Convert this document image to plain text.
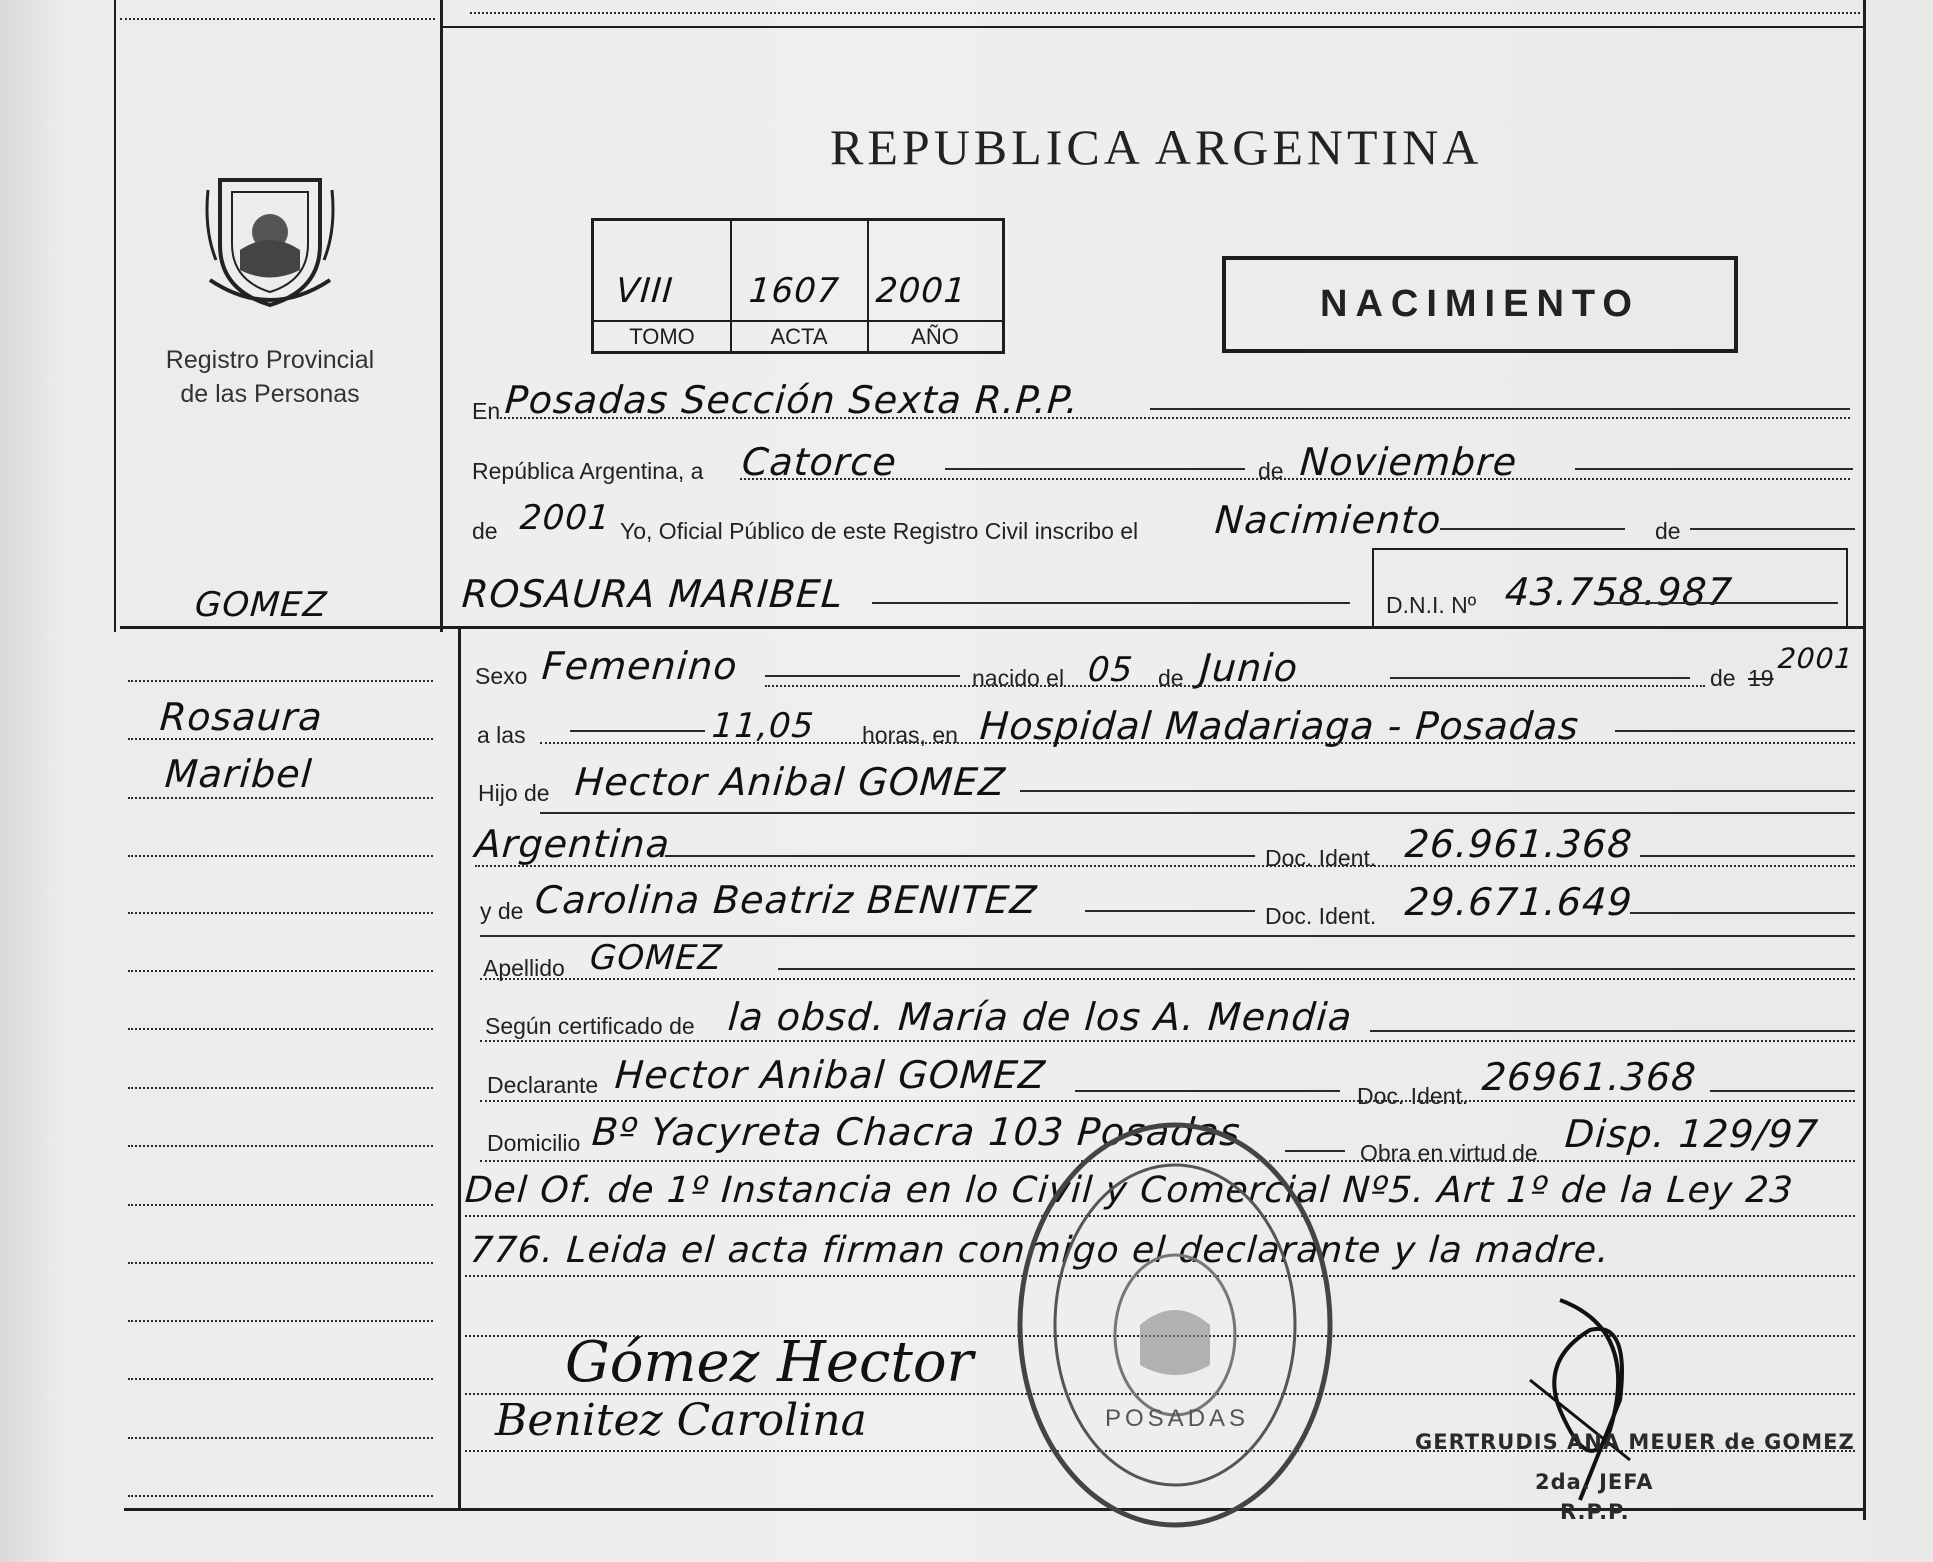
REPUBLICA ARGENTINA
Registro Provincial
de las Personas
VIII 1607 2001
TOMO	ACTA	AÑO
NACIMIENTO
GOMEZ
Rosaura
Maribel
En Posadas Sección Sexta R.P.P.
República Argentina, a Catorce	de Noviembre
de 2001 Yo, Oficial Público de este Registro Civil inscribo el Nacimiento	de
ROSAURA MARIBEL	D.N.I. Nº 43.758.987
Sexo Femenino	nacido el 05 de Junio	de 19
2001
a las	11,05 horas, en Hospidal Madariaga - Posadas
Hijo de Hector Anibal GOMEZ
Argentina	Doc. Ident. 26.961.368
y de Carolina Beatriz BENITEZ	Doc. Ident. 29.671.649
Apellido GOMEZ
Según certificado de la obsd. María de los A. Mendia
Declarante Hector Anibal GOMEZ	Doc. Ident. 26961.368
Domicilio Bº Yacyreta Chacra 103 Posadas	Obra en virtud de Disp. 129/97
Del Of. de 1º Instancia en lo Civil y Comercial Nº5. Art 1º de la Ley 23
776. Leida el acta firman conmigo el declarante y la madre.
Gómez Hector
Benitez Carolina	POSADAS
GERTRUDIS ANA MEUER de GOMEZ
2da. JEFA
R.P.P.
